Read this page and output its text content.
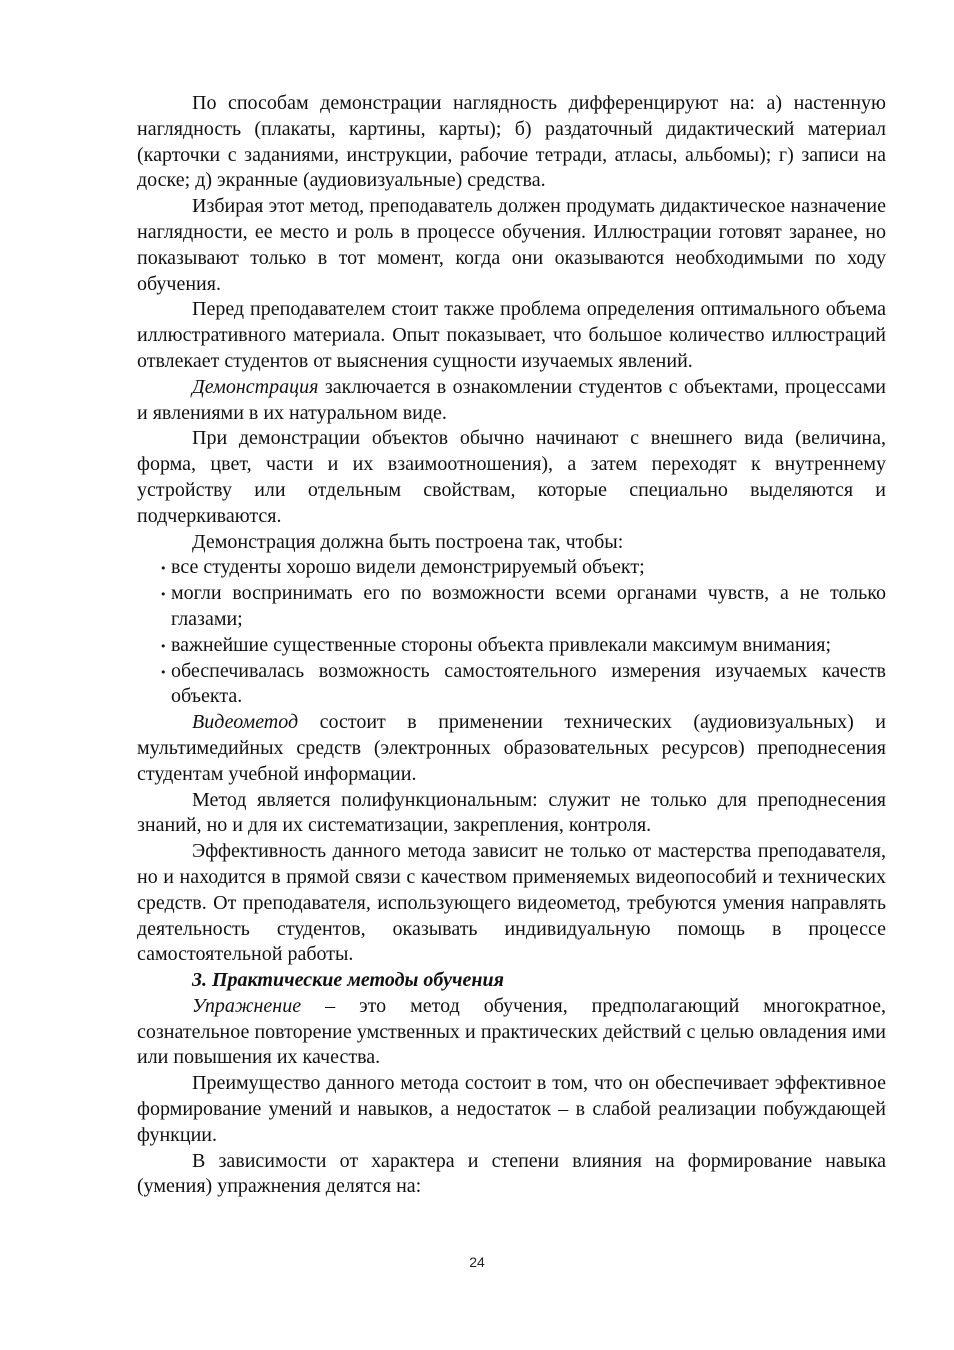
По способам демонстрации наглядность дифференцируют на: а) настенную наглядность (плакаты, картины, карты); б) раздаточный дидактический материал (карточки с заданиями, инструкции, рабочие тетради, атласы, альбомы); г) записи на доске; д) экранные (аудиовизуальные) средства.

Избирая этот метод, преподаватель должен продумать дидактическое назначение наглядности, ее место и роль в процессе обучения. Иллюстрации готовят заранее, но показывают только в тот момент, когда они оказываются необходимыми по ходу обучения.

Перед преподавателем стоит также проблема определения оптимального объема иллюстративного материала. Опыт показывает, что большое количество иллюстраций отвлекает студентов от выяснения сущности изучаемых явлений.

Демонстрация заключается в ознакомлении студентов с объектами, процессами и явлениями в их натуральном виде.

При демонстрации объектов обычно начинают с внешнего вида (величина, форма, цвет, части и их взаимоотношения), а затем переходят к внутреннему устройству или отдельным свойствам, которые специально выделяются и подчеркиваются.

Демонстрация должна быть построена так, чтобы:

• все студенты хорошо видели демонстрируемый объект;

• могли воспринимать его по возможности всеми органами чувств, а не только глазами;

• важнейшие существенные стороны объекта привлекали максимум внимания;

• обеспечивалась возможность самостоятельного измерения изучаемых качеств объекта.

Видеометод состоит в применении технических (аудиовизуальных) и мультимедийных средств (электронных образовательных ресурсов) преподнесения студентам учебной информации.

Метод является полифункциональным: служит не только для преподнесения знаний, но и для их систематизации, закрепления, контроля.

Эффективность данного метода зависит не только от мастерства преподавателя, но и находится в прямой связи с качеством применяемых видеопособий и технических средств. От преподавателя, использующего видеометод, требуются умения направлять деятельность студентов, оказывать индивидуальную помощь в процессе самостоятельной работы.

3. Практические методы обучения

Упражнение – это метод обучения, предполагающий многократное, сознательное повторение умственных и практических действий с целью овладения ими или повышения их качества.

Преимущество данного метода состоит в том, что он обеспечивает эффективное формирование умений и навыков, а недостаток – в слабой реализации побуждающей функции.

В зависимости от характера и степени влияния на формирование навыка (умения) упражнения делятся на:

24
